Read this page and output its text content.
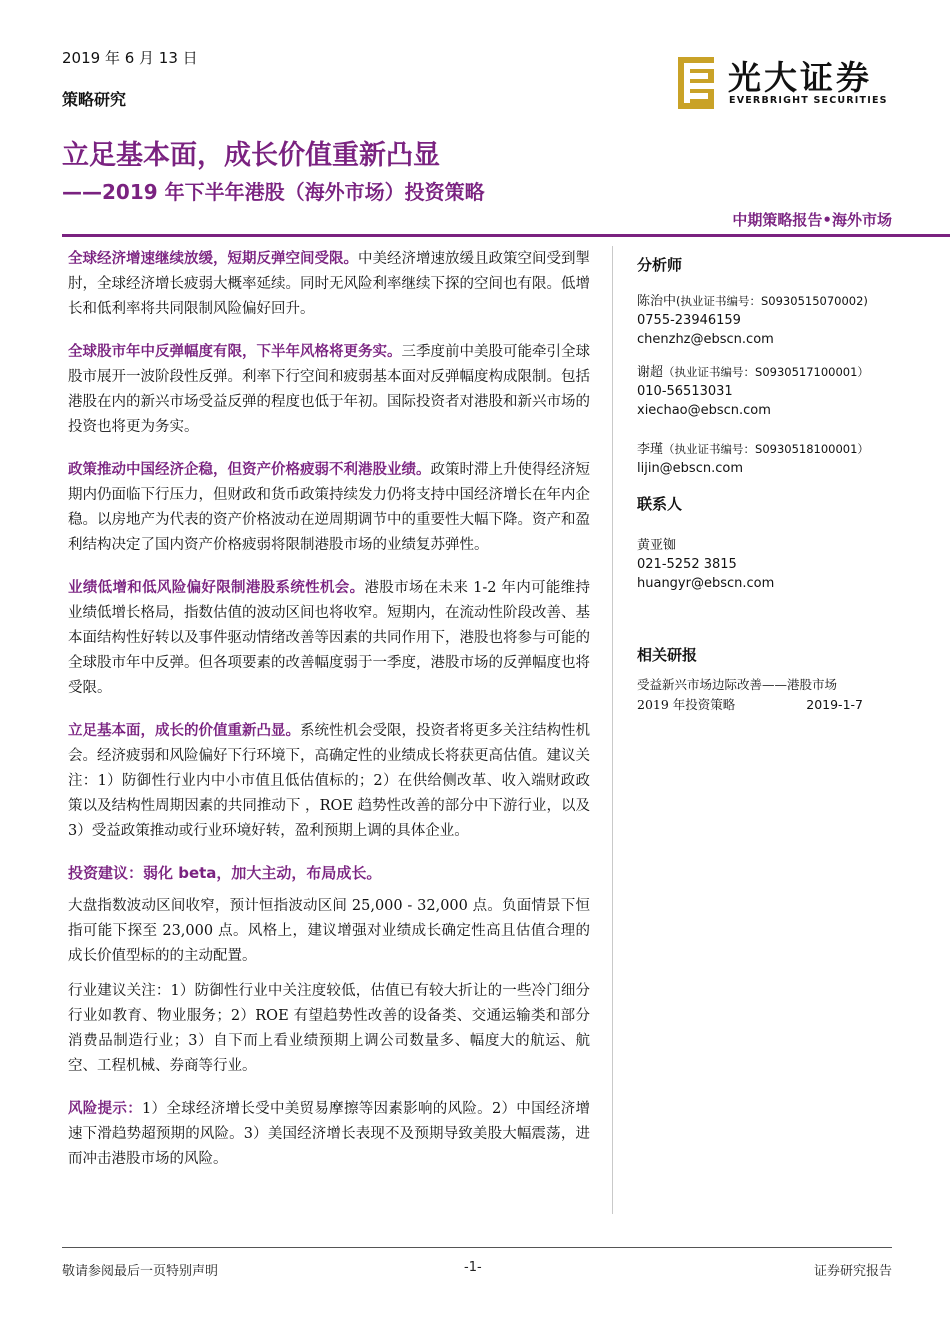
2019 年 6 月 13 日
策略研究
光大证券
EVERBRIGHT SECURITIES
立足基本面，成长价值重新凸显
——2019 年下半年港股（海外市场）投资策略
中期策略报告•海外市场

全球经济增速继续放缓，短期反弹空间受限。中美经济增速放缓且政策空间受到掣肘，全球经济增长疲弱大概率延续。同时无风险利率继续下探的空间也有限。低增长和低利率将共同限制风险偏好回升。

全球股市年中反弹幅度有限，下半年风格将更务实。三季度前中美股可能牵引全球股市展开一波阶段性反弹。利率下行空间和疲弱基本面对反弹幅度构成限制。包括港股在内的新兴市场受益反弹的程度也低于年初。国际投资者对港股和新兴市场的投资也将更为务实。

政策推动中国经济企稳，但资产价格疲弱不利港股业绩。政策时滞上升使得经济短期内仍面临下行压力，但财政和货币政策持续发力仍将支持中国经济增长在年内企稳。以房地产为代表的资产价格波动在逆周期调节中的重要性大幅下降。资产和盈利结构决定了国内资产价格疲弱将限制港股市场的业绩复苏弹性。

业绩低增和低风险偏好限制港股系统性机会。港股市场在未来 1-2 年内可能维持业绩低增长格局，指数估值的波动区间也将收窄。短期内，在流动性阶段改善、基本面结构性好转以及事件驱动情绪改善等因素的共同作用下，港股也将参与可能的全球股市年中反弹。但各项要素的改善幅度弱于一季度，港股市场的反弹幅度也将受限。

立足基本面，成长的价值重新凸显。系统性机会受限，投资者将更多关注结构性机会。经济疲弱和风险偏好下行环境下，高确定性的业绩成长将获更高估值。建议关注：1）防御性行业内中小市值且低估值标的；2）在供给侧改革、收入端财政政策以及结构性周期因素的共同推动下 ，ROE 趋势性改善的部分中下游行业，以及 3）受益政策推动或行业环境好转，盈利预期上调的具体企业。

投资建议：弱化 beta，加大主动，布局成长。

大盘指数波动区间收窄，预计恒指波动区间 25,000 - 32,000 点。负面情景下恒指可能下探至 23,000 点。风格上，建议增强对业绩成长确定性高且估值合理的成长价值型标的的主动配置。

行业建议关注：1）防御性行业中关注度较低，估值已有较大折让的一些冷门细分行业如教育、物业服务；2）ROE 有望趋势性改善的设备类、交通运输类和部分消费品制造行业；3）自下而上看业绩预期上调公司数量多、幅度大的航运、航空、工程机械、券商等行业。

风险提示：1）全球经济增长受中美贸易摩擦等因素影响的风险。2）中国经济增速下滑趋势超预期的风险。3）美国经济增长表现不及预期导致美股大幅震荡，进而冲击港股市场的风险。

分析师
陈治中(执业证书编号：S0930515070002)
0755-23946159
chenzhz@ebscn.com
谢超（执业证书编号：S0930517100001）
010-56513031
xiechao@ebscn.com
李瑾（执业证书编号：S0930518100001）
lijin@ebscn.com
联系人
黄亚铷
021-5252 3815
huangyr@ebscn.com
相关研报
受益新兴市场边际改善——港股市场
2019 年投资策略	2019-1-7
敬请参阅最后一页特别声明	-1-	证券研究报告
